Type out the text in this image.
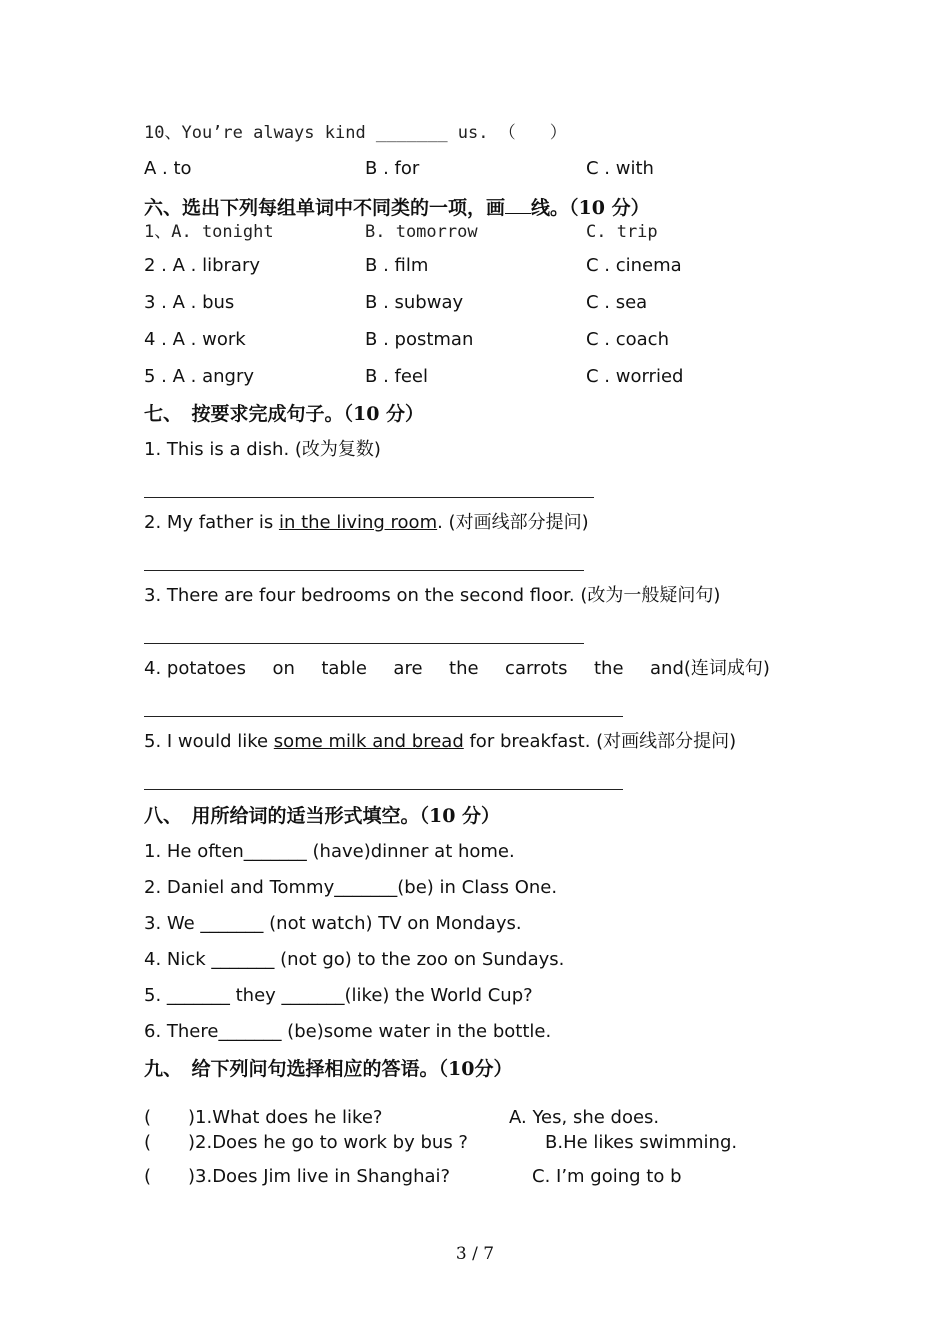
10、You’re always kind _______ us. （　　）
A . to	B . for	C . with
六、选出下列每组单词中不同类的一项，画 线。（10 分）
1、A. tonight	B. tomorrow	C. trip
2 . A . library	B . film	C . cinema
3 . A . bus	B . subway	C . sea
4 . A . work	B . postman	C . coach
5 . A . angry	B . feel	C . worried
七、　按要求完成句子。（10 分）
1. This is a dish. (改为复数)
2. My father is in the living room. (对画线部分提问)
3. There are four bedrooms on the second floor. (改为一般疑问句)
4. potatoes on table are the carrots the and(连词成句)
5. I would like some milk and bread for breakfast. (对画线部分提问)
八、　用所给词的适当形式填空。（10 分）
1. He often_______ (have)dinner at home.
2. Daniel and Tommy_______(be) in Class One.
3. We _______ (not watch) TV on Mondays.
4. Nick _______ (not go) to the zoo on Sundays.
5. _______ they _______(like) the World Cup?
6. There_______ (be)some water in the bottle.
九、　给下列问句选择相应的答语。（10分）
( )1.What does he like?	A. Yes, she does.
( )2.Does he go to work by bus ?	B.He likes swimming.
( )3.Does Jim live in Shanghai?	C. I’m going to b
3 / 7
